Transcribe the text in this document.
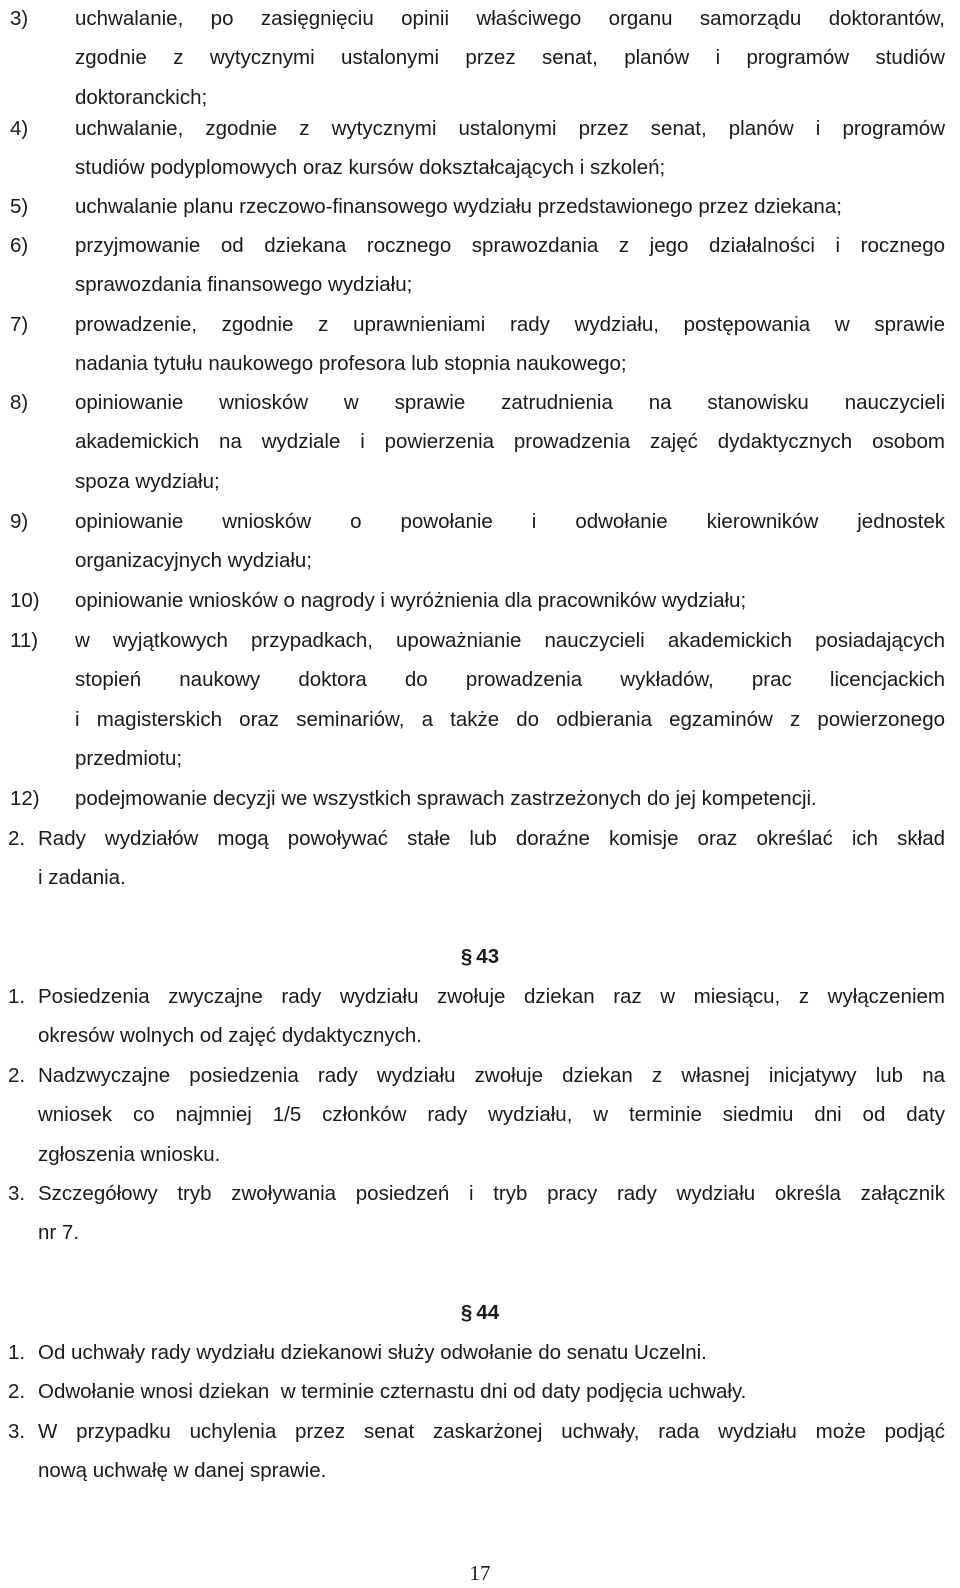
3)	uchwalanie, po zasięgnięciu opinii właściwego organu samorządu doktorantów,
zgodnie z wytycznymi ustalonymi przez senat, planów i programów studiów
doktoranckich;
4)	uchwalanie, zgodnie z wytycznymi ustalonymi przez senat, planów i programów
studiów podyplomowych oraz kursów dokształcających i szkoleń;
5)	uchwalanie planu rzeczowo-finansowego wydziału przedstawionego przez dziekana;
6)	przyjmowanie od dziekana rocznego sprawozdania z jego działalności i rocznego
sprawozdania finansowego wydziału;
7)	prowadzenie, zgodnie z uprawnieniami rady wydziału, postępowania w sprawie
nadania tytułu naukowego profesora lub stopnia naukowego;
8)	opiniowanie wniosków w sprawie zatrudnienia na stanowisku nauczycieli
akademickich na wydziale i powierzenia prowadzenia zajęć dydaktycznych osobom
spoza wydziału;
9)	opiniowanie wniosków o powołanie i odwołanie kierowników jednostek
organizacyjnych wydziału;
10)	opiniowanie wniosków o nagrody i wyróżnienia dla pracowników wydziału;
11)	w wyjątkowych przypadkach, upoważnianie nauczycieli akademickich posiadających
stopień naukowy doktora do prowadzenia wykładów, prac licencjackich
i magisterskich oraz seminariów, a także do odbierania egzaminów z powierzonego
przedmiotu;
12)	podejmowanie decyzji we wszystkich sprawach zastrzeżonych do jej kompetencji.
2. Rady wydziałów mogą powoływać stałe lub doraźne komisje oraz określać ich skład
i zadania.
§ 43
1. Posiedzenia zwyczajne rady wydziału zwołuje dziekan raz w miesiącu, z wyłączeniem
okresów wolnych od zajęć dydaktycznych.
2. Nadzwyczajne posiedzenia rady wydziału zwołuje dziekan z własnej inicjatywy lub na
wniosek co najmniej 1/5 członków rady wydziału, w terminie siedmiu dni od daty
zgłoszenia wniosku.
3. Szczegółowy tryb zwoływania posiedzeń i tryb pracy rady wydziału określa załącznik
nr 7.
§ 44
1. Od uchwały rady wydziału dziekanowi służy odwołanie do senatu Uczelni.
2. Odwołanie wnosi dziekan  w terminie czternastu dni od daty podjęcia uchwały.
3. W przypadku uchylenia przez senat zaskarżonej uchwały, rada wydziału może podjąć
nową uchwałę w danej sprawie.
17
